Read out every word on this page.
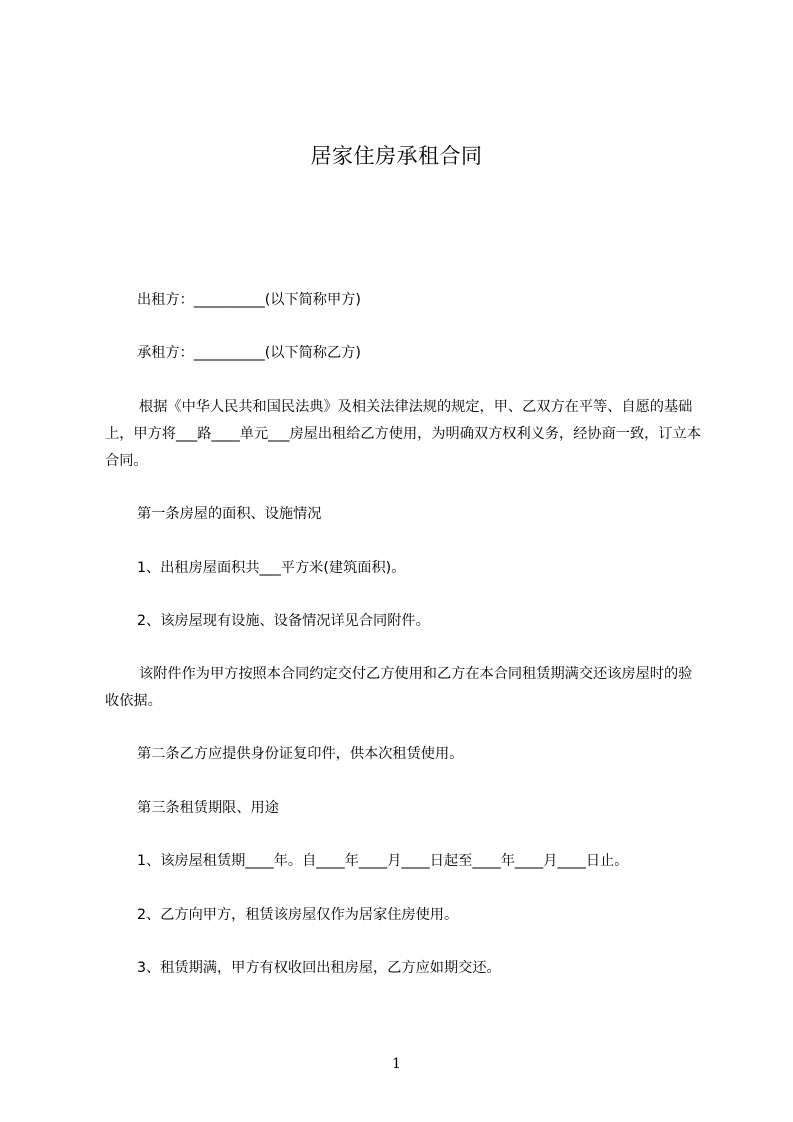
居家住房承租合同

出租方：__________(以下简称甲方)

承租方：__________(以下简称乙方)

根据《中华人民共和国民法典》及相关法律法规的规定，甲、乙双方在平等、自愿的基础上，甲方将___路____单元___房屋出租给乙方使用，为明确双方权利义务，经协商一致，订立本合同。

第一条房屋的面积、设施情况

1、出租房屋面积共___平方米(建筑面积)。

2、该房屋现有设施、设备情况详见合同附件。

该附件作为甲方按照本合同约定交付乙方使用和乙方在本合同租赁期满交还该房屋时的验收依据。

第二条乙方应提供身份证复印件，供本次租赁使用。

第三条租赁期限、用途

1、该房屋租赁期____年。自____年____月____日起至____年____月____日止。

2、乙方向甲方，租赁该房屋仅作为居家住房使用。

3、租赁期满，甲方有权收回出租房屋，乙方应如期交还。

1
